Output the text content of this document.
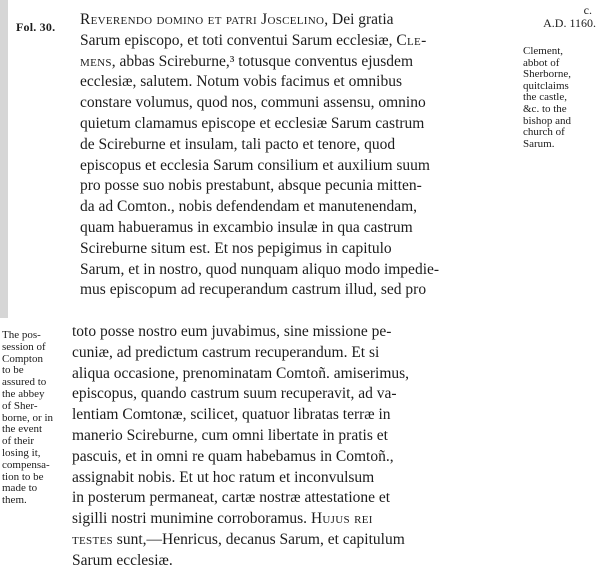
Fol. 30.
c.
A.D. 1160.
Reverendo domino et patri Joscelino, Dei gratia
Sarum episcopo, et toti conventui Sarum ecclesiæ, Cle-
mens, abbas Scireburne,³ totusque conventus ejusdem
ecclesiæ, salutem. Notum vobis facimus et omnibus
constare volumus, quod nos, communi assensu, omnino
quietum clamamus episcope et ecclesiæ Sarum castrum
de Scireburne et insulam, tali pacto et tenore, quod
episcopus et ecclesia Sarum consilium et auxilium suum
pro posse suo nobis prestabunt, absque pecunia mitten-
da ad Comton., nobis defendendam et manutenendam,
quam habueramus in excambio insulæ in qua castrum
Scireburne situm est. Et nos pepigimus in capitulo
Sarum, et in nostro, quod nunquam aliquo modo impedie-
mus episcopum ad recuperandum castrum illud, sed pro
toto posse nostro eum juvabimus, sine missione pe-
cuniæ, ad predictum castrum recuperandum. Et si
aliqua occasione, prenominatam Comtoñ. amiserimus,
episcopus, quando castrum suum recuperavit, ad va-
lentiam Comtonæ, scilicet, quatuor libratas terræ in
manerio Scireburne, cum omni libertate in pratis et
pascuis, et in omni re quam habebamus in Comtoñ.,
assignabit nobis. Et ut hoc ratum et inconvulsum
in posterum permaneat, cartæ nostræ attestatione et
sigilli nostri munimine corroboramus. Hujus rei
testes sunt,—Henricus, decanus Sarum, et capitulum
Sarum ecclesiæ.
Clement,
abbot of
Sherborne,
quitclaims
the castle,
&c. to the
bishop and
church of
Sarum.
The pos-
session of
Compton
to be
assured to
the abbey
of Sher-
borne, or in
the event
of their
losing it,
compensa-
tion to be
made to
them.
